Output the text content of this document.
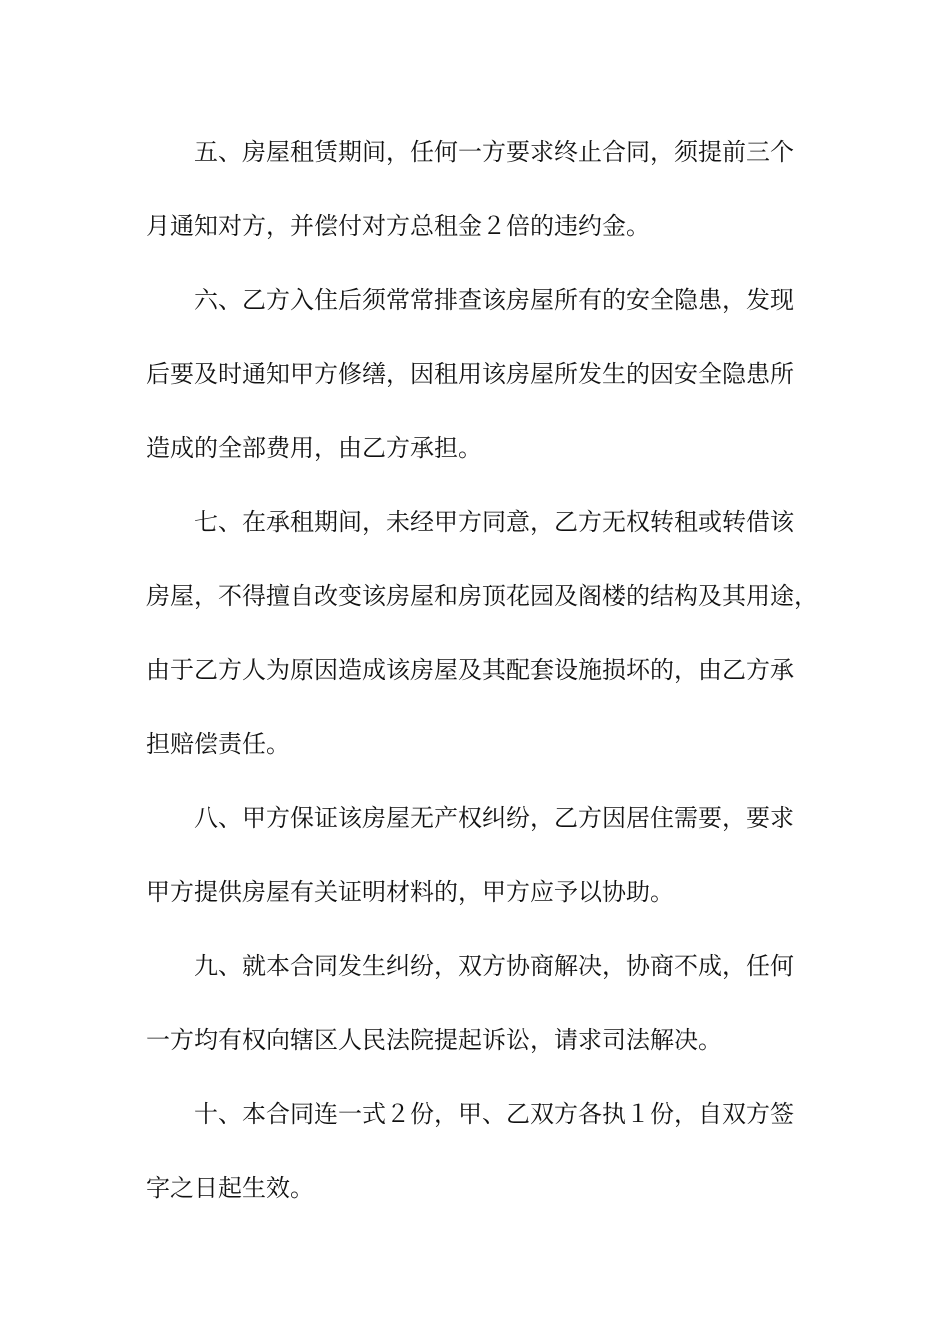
五、房屋租赁期间，任何一方要求终止合同，须提前三个

月通知对方，并偿付对方总租金２倍的违约金。

六、乙方入住后须常常排查该房屋所有的安全隐患，发现

后要及时通知甲方修缮，因租用该房屋所发生的因安全隐患所

造成的全部费用，由乙方承担。

七、在承租期间，未经甲方同意，乙方无权转租或转借该

房屋，不得擅自改变该房屋和房顶花园及阁楼的结构及其用途，

由于乙方人为原因造成该房屋及其配套设施损坏的，由乙方承

担赔偿责任。

八、甲方保证该房屋无产权纠纷，乙方因居住需要，要求

甲方提供房屋有关证明材料的，甲方应予以协助。

九、就本合同发生纠纷，双方协商解决，协商不成，任何

一方均有权向辖区人民法院提起诉讼，请求司法解决。

十、本合同连一式２份，甲、乙双方各执１份，自双方签

字之日起生效。
